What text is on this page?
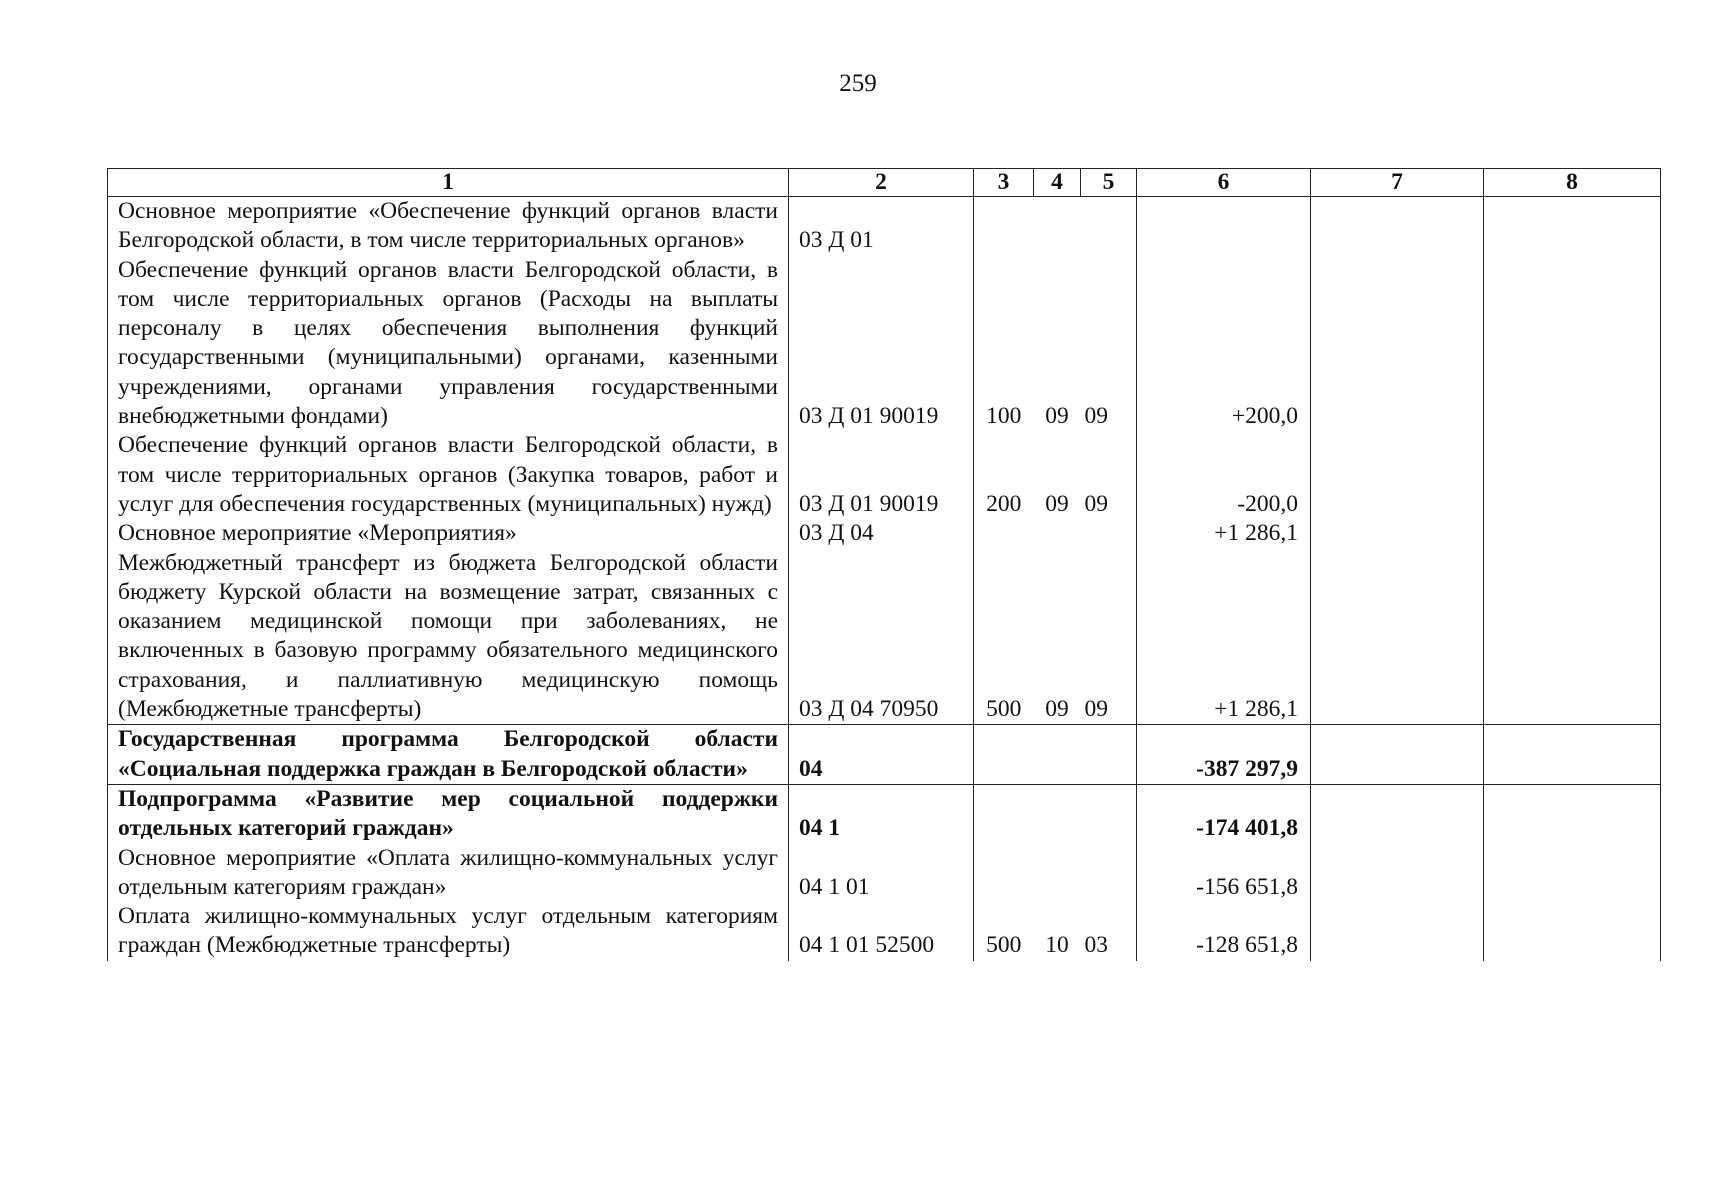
259
1	2	3	4	5	6	7	8
Основное мероприятие «Обеспечение функций органов власти Белгородской области, в том числе территориальных органов»	03 Д 01						
Обеспечение функций органов власти Белгородской области, в том числе территориальных органов (Расходы на выплаты персоналу в целях обеспечения выполнения функций государственными (муниципальными) органами, казенными учреждениями, органами управления государственными внебюджетными фондами)	03 Д 01 90019	100	09	09	+200,0		
Обеспечение функций органов власти Белгородской области, в том числе территориальных органов (Закупка товаров, работ и услуг для обеспечения государственных (муниципальных) нужд)	03 Д 01 90019	200	09	09	-200,0		
Основное мероприятие «Мероприятия»	03 Д 04				+1 286,1		
Межбюджетный трансферт из бюджета Белгородской области бюджету Курской области на возмещение затрат, связанных с оказанием медицинской помощи при заболеваниях, не включенных в базовую программу обязательного медицинского страхования, и паллиативную медицинскую помощь (Межбюджетные трансферты)	03 Д 04 70950	500	09	09	+1 286,1		
Государственная программа Белгородской области «Социальная поддержка граждан в Белгородской области»	04				-387 297,9		
Подпрограмма «Развитие мер социальной поддержки отдельных категорий граждан»	04 1				-174 401,8		
Основное мероприятие «Оплата жилищно-коммунальных услуг отдельным категориям граждан»	04 1 01				-156 651,8		
Оплата жилищно-коммунальных услуг отдельным категориям граждан (Межбюджетные трансферты)	04 1 01 52500	500	10	03	-128 651,8		
